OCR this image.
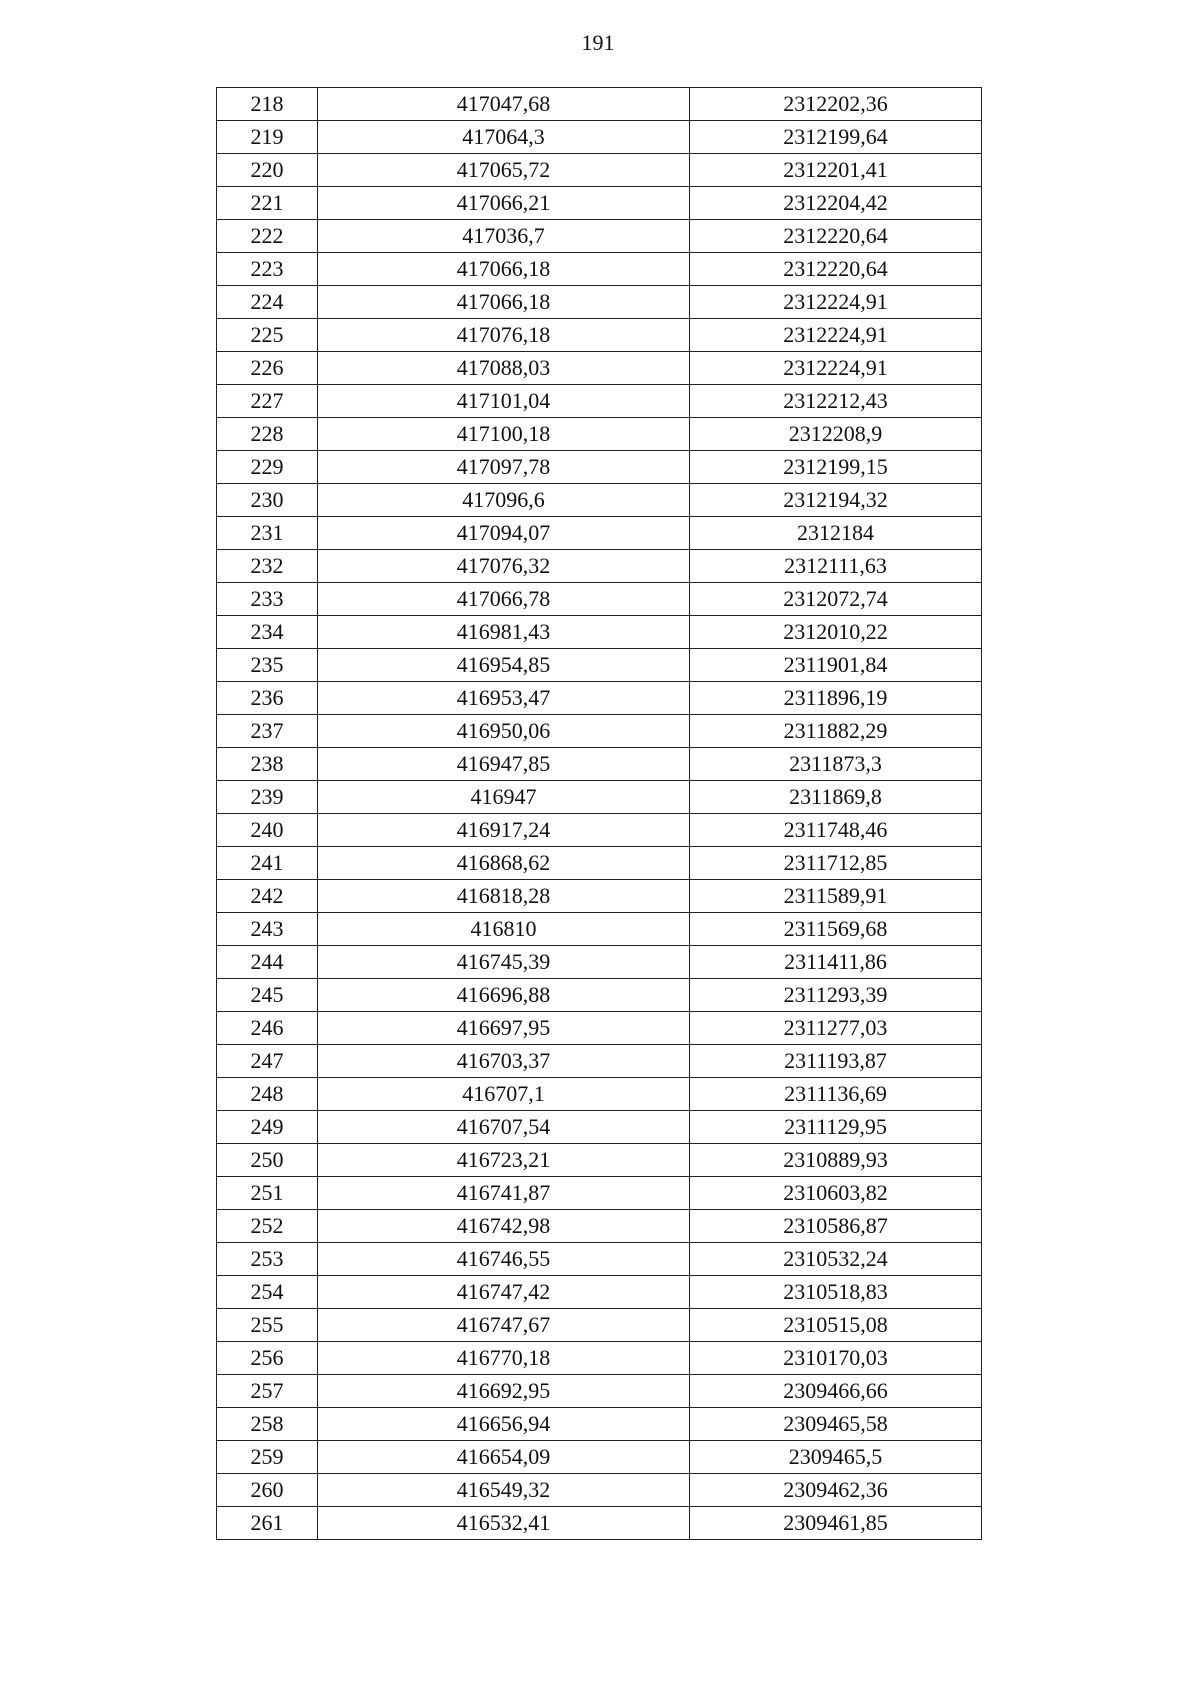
191
218	417047,68	2312202,36
219	417064,3	2312199,64
220	417065,72	2312201,41
221	417066,21	2312204,42
222	417036,7	2312220,64
223	417066,18	2312220,64
224	417066,18	2312224,91
225	417076,18	2312224,91
226	417088,03	2312224,91
227	417101,04	2312212,43
228	417100,18	2312208,9
229	417097,78	2312199,15
230	417096,6	2312194,32
231	417094,07	2312184
232	417076,32	2312111,63
233	417066,78	2312072,74
234	416981,43	2312010,22
235	416954,85	2311901,84
236	416953,47	2311896,19
237	416950,06	2311882,29
238	416947,85	2311873,3
239	416947	2311869,8
240	416917,24	2311748,46
241	416868,62	2311712,85
242	416818,28	2311589,91
243	416810	2311569,68
244	416745,39	2311411,86
245	416696,88	2311293,39
246	416697,95	2311277,03
247	416703,37	2311193,87
248	416707,1	2311136,69
249	416707,54	2311129,95
250	416723,21	2310889,93
251	416741,87	2310603,82
252	416742,98	2310586,87
253	416746,55	2310532,24
254	416747,42	2310518,83
255	416747,67	2310515,08
256	416770,18	2310170,03
257	416692,95	2309466,66
258	416656,94	2309465,58
259	416654,09	2309465,5
260	416549,32	2309462,36
261	416532,41	2309461,85
